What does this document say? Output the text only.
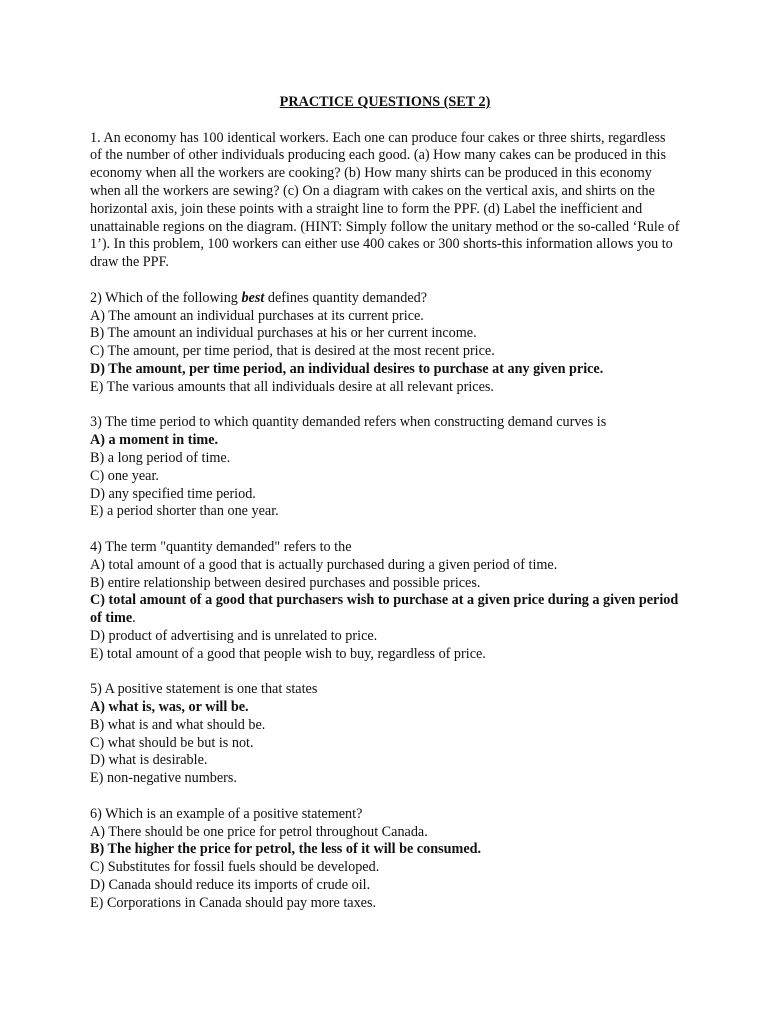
PRACTICE QUESTIONS (SET 2)
1. An economy has 100 identical workers. Each one can produce four cakes or three shirts, regardless of the number of other individuals producing each good. (a) How many cakes can be produced in this economy when all the workers are cooking? (b) How many shirts can be produced in this economy when all the workers are sewing? (c) On a diagram with cakes on the vertical axis, and shirts on the horizontal axis, join these points with a straight line to form the PPF. (d) Label the inefficient and unattainable regions on the diagram. (HINT: Simply follow the unitary method or the so-called ‘Rule of 1’). In this problem, 100 workers can either use 400 cakes or 300 shorts-this information allows you to draw the PPF.
2) Which of the following best defines quantity demanded?
A) The amount an individual purchases at its current price.
B) The amount an individual purchases at his or her current income.
C) The amount, per time period, that is desired at the most recent price.
D) The amount, per time period, an individual desires to purchase at any given price.
E) The various amounts that all individuals desire at all relevant prices.
3) The time period to which quantity demanded refers when constructing demand curves is
A) a moment in time.
B) a long period of time.
C) one year.
D) any specified time period.
E) a period shorter than one year.
4) The term "quantity demanded" refers to the
A) total amount of a good that is actually purchased during a given period of time.
B) entire relationship between desired purchases and possible prices.
C) total amount of a good that purchasers wish to purchase at a given price during a given period of time.
D) product of advertising and is unrelated to price.
E) total amount of a good that people wish to buy, regardless of price.
5) A positive statement is one that states
A) what is, was, or will be.
B) what is and what should be.
C) what should be but is not.
D) what is desirable.
E) non-negative numbers.
6) Which is an example of a positive statement?
A) There should be one price for petrol throughout Canada.
B) The higher the price for petrol, the less of it will be consumed.
C) Substitutes for fossil fuels should be developed.
D) Canada should reduce its imports of crude oil.
E) Corporations in Canada should pay more taxes.
